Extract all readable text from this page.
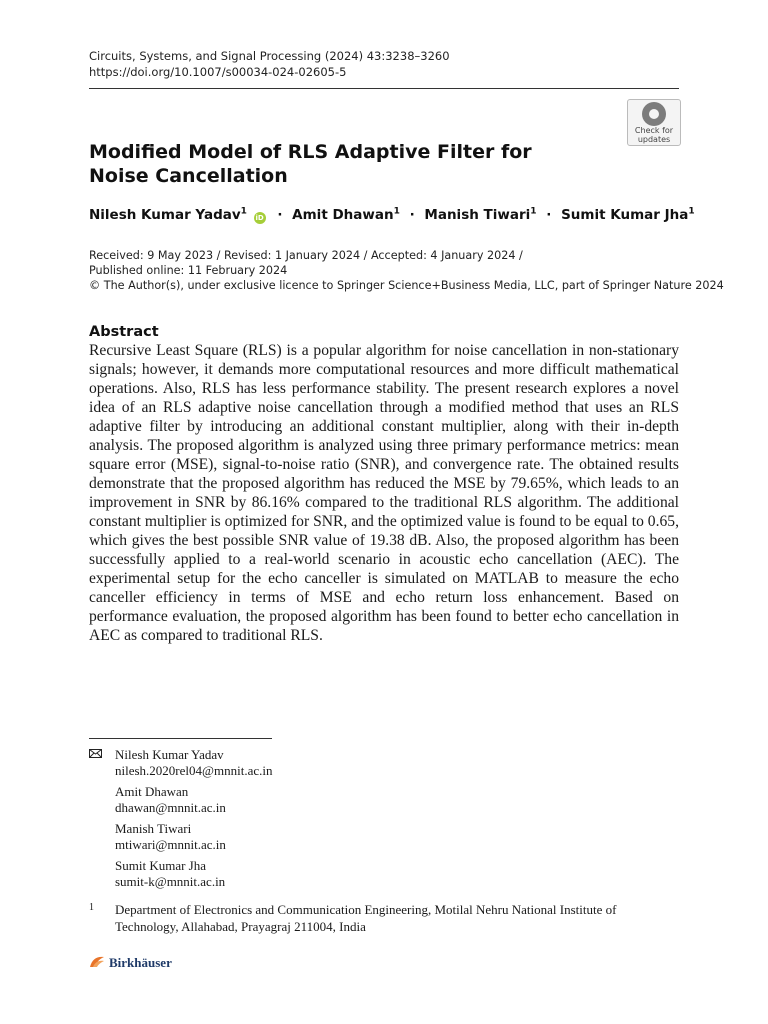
Circuits, Systems, and Signal Processing (2024) 43:3238–3260
https://doi.org/10.1007/s00034-024-02605-5
Check for
updates
Modified Model of RLS Adaptive Filter for Noise Cancellation
Nilesh Kumar Yadav$^1$ iD · Amit Dhawan$^1$ · Manish Tiwari$^1$ · Sumit Kumar Jha$^1$
Received: 9 May 2023 / Revised: 1 January 2024 / Accepted: 4 January 2024 /
Published online: 11 February 2024
© The Author(s), under exclusive licence to Springer Science+Business Media, LLC, part of Springer Nature 2024
Abstract
Recursive Least Square (RLS) is a popular algorithm for noise cancellation in non-stationary signals; however, it demands more computational resources and more difficult mathematical operations. Also, RLS has less performance stability. The present research explores a novel idea of an RLS adaptive noise cancellation through a modified method that uses an RLS adaptive filter by introducing an additional constant multiplier, along with their in-depth analysis. The proposed algorithm is analyzed using three primary performance metrics: mean square error (MSE), signal-to-noise ratio (SNR), and convergence rate. The obtained results demonstrate that the proposed algorithm has reduced the MSE by 79.65%, which leads to an improvement in SNR by 86.16% compared to the traditional RLS algorithm. The additional constant multiplier is optimized for SNR, and the optimized value is found to be equal to 0.65, which gives the best possible SNR value of 19.38 dB. Also, the proposed algorithm has been successfully applied to a real-world scenario in acoustic echo cancellation (AEC). The experimental setup for the echo canceller is simulated on MATLAB to measure the echo canceller efficiency in terms of MSE and echo return loss enhancement. Based on performance evaluation, the proposed algorithm has been found to better echo cancellation in AEC as compared to traditional RLS.
Nilesh Kumar Yadav
nilesh.2020rel04@mnnit.ac.in
Amit Dhawan
dhawan@mnnit.ac.in
Manish Tiwari
mtiwari@mnnit.ac.in
Sumit Kumar Jha
sumit-k@mnnit.ac.in
1 Department of Electronics and Communication Engineering, Motilal Nehru National Institute of Technology, Allahabad, Prayagraj 211004, India
Birkhäuser
